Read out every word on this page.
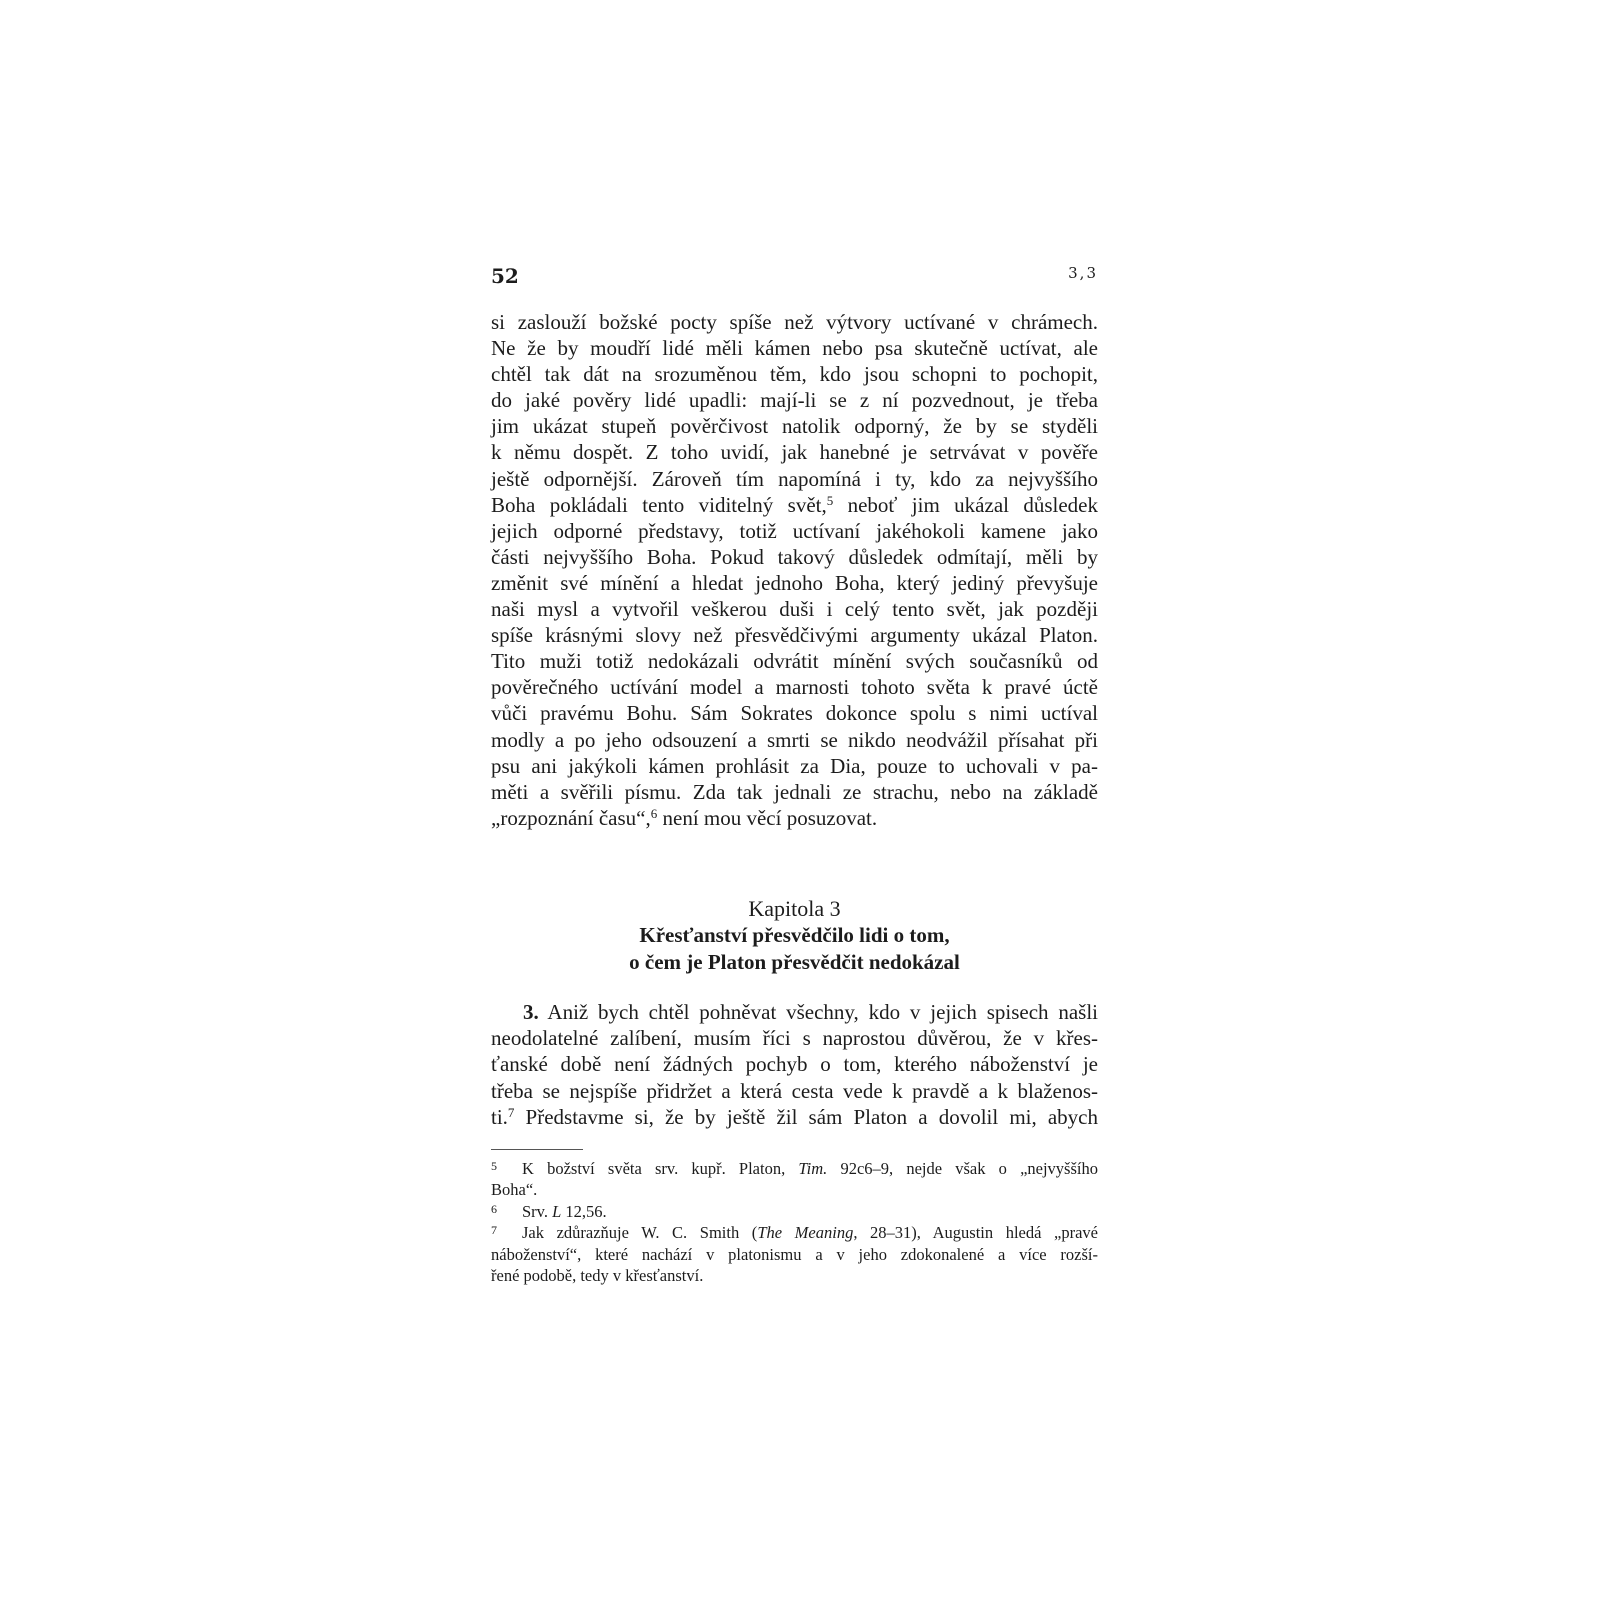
52	3,3
si zaslouží božské pocty spíše než výtvory uctívané v chrámech.
Ne že by moudří lidé měli kámen nebo psa skutečně uctívat, ale
chtěl tak dát na srozuměnou těm, kdo jsou schopni to pochopit,
do jaké pověry lidé upadli: mají-li se z ní pozvednout, je třeba
jim ukázat stupeň pověrčivost natolik odporný, že by se styděli
k němu dospět. Z toho uvidí, jak hanebné je setrvávat v pověře
ještě odpornější. Zároveň tím napomíná i ty, kdo za nejvyššího
Boha pokládali tento viditelný svět,$^5$ neboť jim ukázal důsledek
jejich odporné představy, totiž uctívaní jakéhokoli kamene jako
části nejvyššího Boha. Pokud takový důsledek odmítají, měli by
změnit své mínění a hledat jednoho Boha, který jediný převyšuje
naši mysl a vytvořil veškerou duši i celý tento svět, jak později
spíše krásnými slovy než přesvědčivými argumenty ukázal Platon.
Tito muži totiž nedokázali odvrátit mínění svých současníků od
pověrečného uctívání model a marnosti tohoto světa k pravé úctě
vůči pravému Bohu. Sám Sokrates dokonce spolu s nimi uctíval
modly a po jeho odsouzení a smrti se nikdo neodvážil přísahat při
psu ani jakýkoli kámen prohlásit za Dia, pouze to uchovali v pa-
měti a svěřili písmu. Zda tak jednali ze strachu, nebo na základě
„rozpoznání času“,$^6$ není mou věcí posuzovat.
Kapitola 3
Křesťanství přesvědčilo lidi o tom,
o čem je Platon přesvědčit nedokázal
3. Aniž bych chtěl pohněvat všechny, kdo v jejich spisech našli
neodolatelné zalíbení, musím říci s naprostou důvěrou, že v křes-
ťanské době není žádných pochyb o tom, kterého náboženství je
třeba se nejspíše přidržet a která cesta vede k pravdě a k blaženos-
ti.$^7$ Představme si, že by ještě žil sám Platon a dovolil mi, abych
5 K božství světa srv. kupř. Platon, Tim. 92c6–9, nejde však o „nejvyššího
Boha“.
6 Srv. L 12,56.
7 Jak zdůrazňuje W. C. Smith (The Meaning, 28–31), Augustin hledá „pravé
náboženství“, které nachází v platonismu a v jeho zdokonalené a více rozší-
řené podobě, tedy v křesťanství.
